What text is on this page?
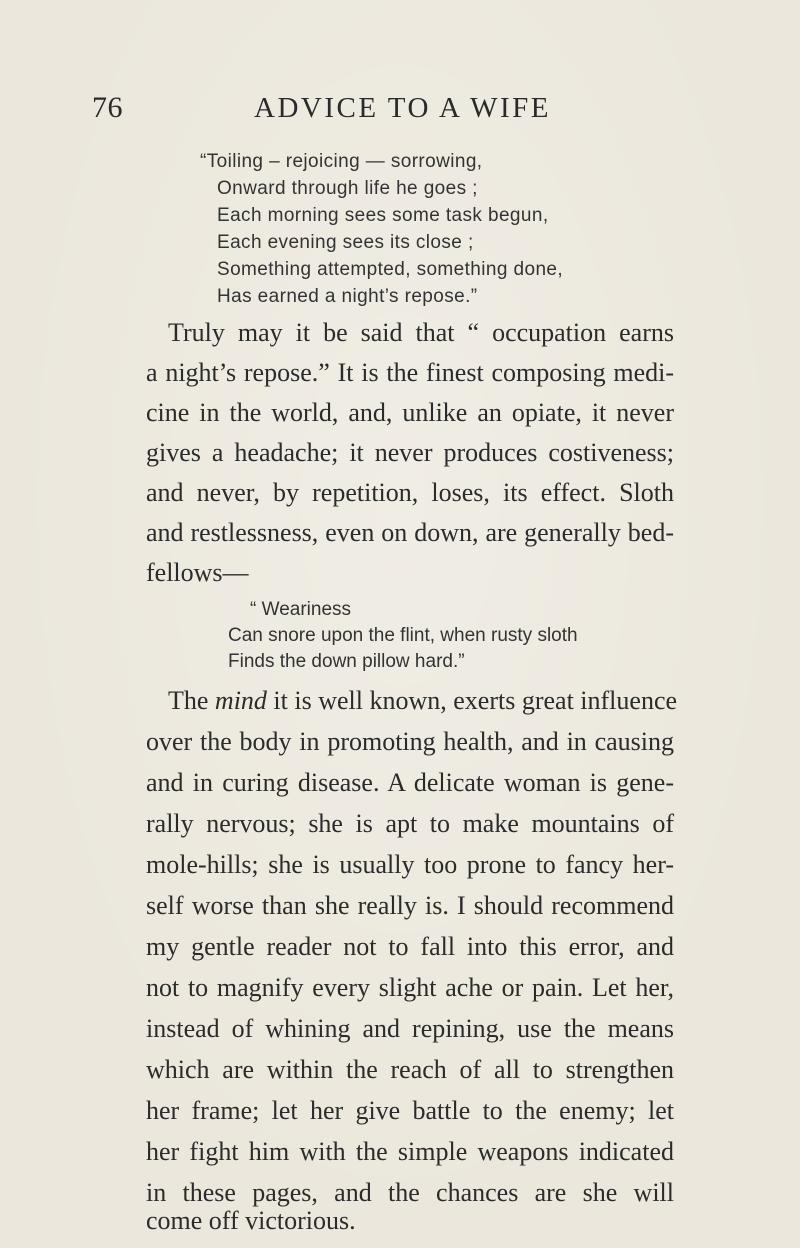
76	ADVICE TO A WIFE
“Toiling – rejoicing — sorrowing,
Onward through life he goes ;
Each morning sees some task begun,
Each evening sees its close ;
Something attempted, something done,
Has earned a night’s repose.”
Truly may it be said that “ occupation earns
a night’s repose.” It is the finest composing medi-
cine in the world, and, unlike an opiate, it never
gives a headache; it never produces costiveness;
and never, by repetition, loses, its effect. Sloth
and restlessness, even on down, are generally bed-
fellows—
“ Weariness
Can snore upon the flint, when rusty sloth
Finds the down pillow hard.”
The mind it is well known, exerts great influence
over the body in promoting health, and in causing
and in curing disease. A delicate woman is gene-
rally nervous; she is apt to make mountains of
mole-hills; she is usually too prone to fancy her-
self worse than she really is. I should recommend
my gentle reader not to fall into this error, and
not to magnify every slight ache or pain. Let her,
instead of whining and repining, use the means
which are within the reach of all to strengthen
her frame; let her give battle to the enemy; let
her fight him with the simple weapons indicated
in these pages, and the chances are she will
come off victorious.
